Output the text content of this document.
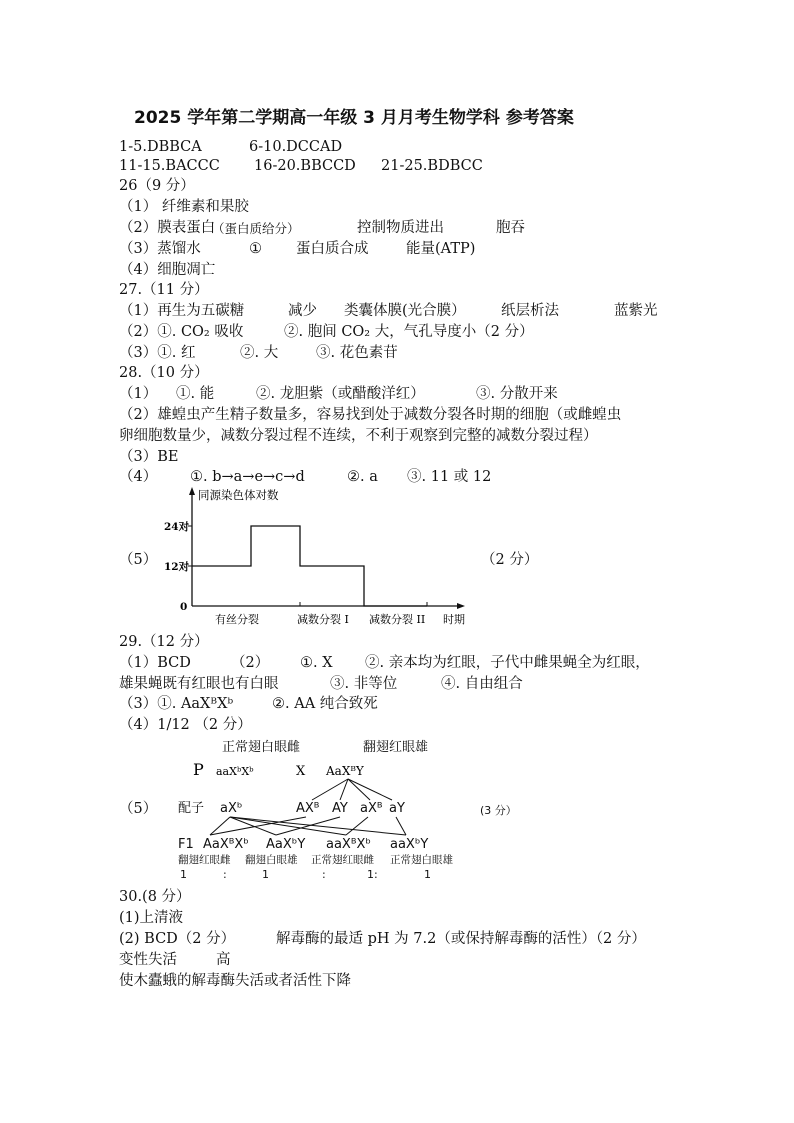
2025 学年第二学期高一年级 3 月月考生物学科 参考答案
1-5.DBBCA	6-10.DCCAD
11-15.BACCC 16-20.BBCCD 21-25.BDBCC
26（9 分）
（1） 纤维素和果胶
（2）膜表蛋白
（蛋白质给分）	控制物质进出	胞吞
（3）蒸馏水	① 蛋白质合成	能量(ATP)
（4）细胞凋亡
27.（11 分）
（1）再生为五碳糖	减少 类囊体膜(光合膜） 纸层析法	蓝紫光
（2）①. CO₂ 吸收	②. 胞间 CO₂ 大，气孔导度小（2 分）
（3）①. 红	②. 大	③. 花色素苷
28.（10 分）
（1） ①. 能	②. 龙胆紫（或醋酸洋红）	③. 分散开来
（2）雄蝗虫产生精子数量多，容易找到处于减数分裂各时期的细胞（或雌蝗虫
卵细胞数量少，减数分裂过程不连续，不利于观察到完整的减数分裂过程）
（3）BE
（4） ①. b→a→e→c→d	②. a ③. 11 或 12
（5）	（2 分）
同源染色体对数
时期
0
12对
24对
有丝分裂	减数分裂 I 减数分裂 II
29.（12 分）
（1）BCD	（2） ①. X ②. 亲本均为红眼，子代中雌果蝇全为红眼，
雄果蝇既有红眼也有白眼	③. 非等位	④. 自由组合
（3）①. AaXᴮXᵇ	②. AA 纯合致死
（4）1/12 （2 分）
（5）
正常翅白眼雌	翻翅红眼雄
P aaXᵇXᵇ	X AaXᴮY
配子 aXᵇ	AXᴮ AY aXᴮ aY	(3 分）
F1 AaXᴮXᵇ AaXᵇY aaXᴮXᵇ aaXᵇY
翻翅红眼雌 翻翅白眼雄 正常翅红眼雌 正常翅白眼雄
1	:	1	:	1:	1
30.(8 分）
(1)上清液
(2) BCD（2 分）	解毒酶的最适 pH 为 7.2（或保持解毒酶的活性）（2 分）
变性失活	高
使木蠹蛾的解毒酶失活或者活性下降
